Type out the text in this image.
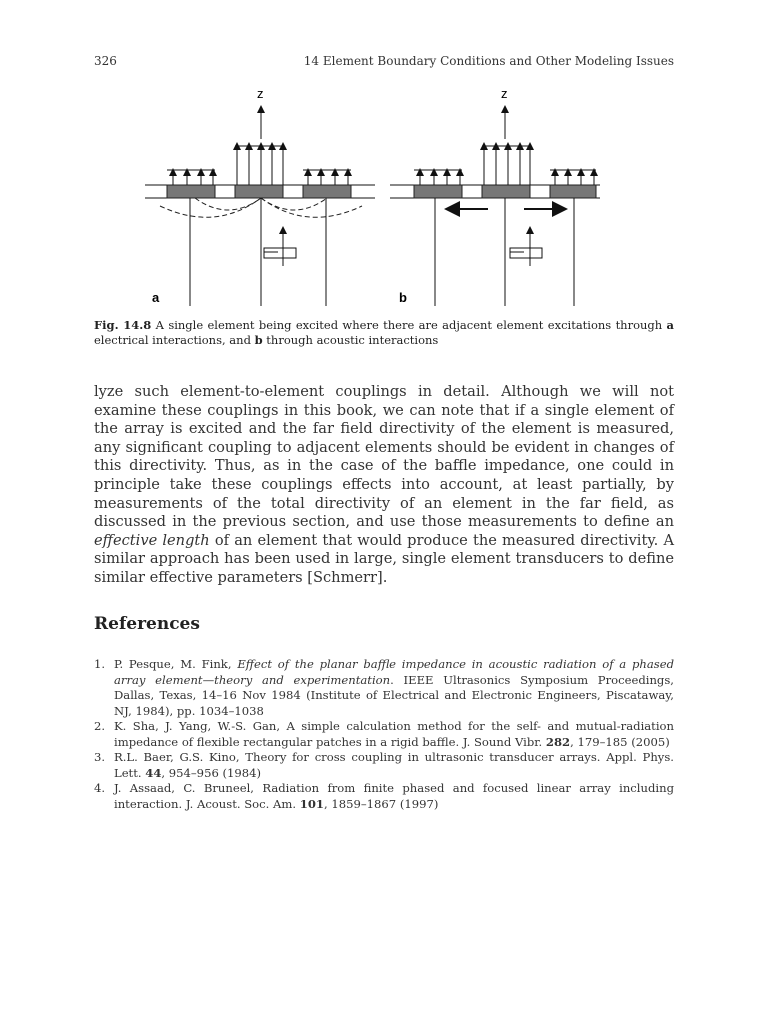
326	14 Element Boundary Conditions and Other Modeling Issues
z	z
a	b
Fig. 14.8 A single element being excited where there are adjacent element excitations through a electrical interactions, and b through acoustic interactions

lyze such element-to-element couplings in detail. Although we will not examine these couplings in this book, we can note that if a single element of the array is excited and the far field directivity of the element is measured, any significant coupling to adjacent elements should be evident in changes of this directivity. Thus, as in the case of the baffle impedance, one could in principle take these couplings effects into account, at least partially, by measurements of the total directivity of an element in the far field, as discussed in the previous section, and use those measurements to define an effective length of an element that would produce the measured directivity. A similar approach has been used in large, single element transducers to define similar effective parameters [Schmerr].

References
1. P. Pesque, M. Fink, Effect of the planar baffle impedance in acoustic radiation of a phased array element—theory and experimentation. IEEE Ultrasonics Symposium Proceedings, Dallas, Texas, 14–16 Nov 1984 (Institute of Electrical and Electronic Engineers, Piscataway, NJ, 1984), pp. 1034–1038
2. K. Sha, J. Yang, W.-S. Gan, A simple calculation method for the self- and mutual-radiation impedance of flexible rectangular patches in a rigid baffle. J. Sound Vibr. 282, 179–185 (2005)
3. R.L. Baer, G.S. Kino, Theory for cross coupling in ultrasonic transducer arrays. Appl. Phys. Lett. 44, 954–956 (1984)
4. J. Assaad, C. Bruneel, Radiation from finite phased and focused linear array including interaction. J. Acoust. Soc. Am. 101, 1859–1867 (1997)
